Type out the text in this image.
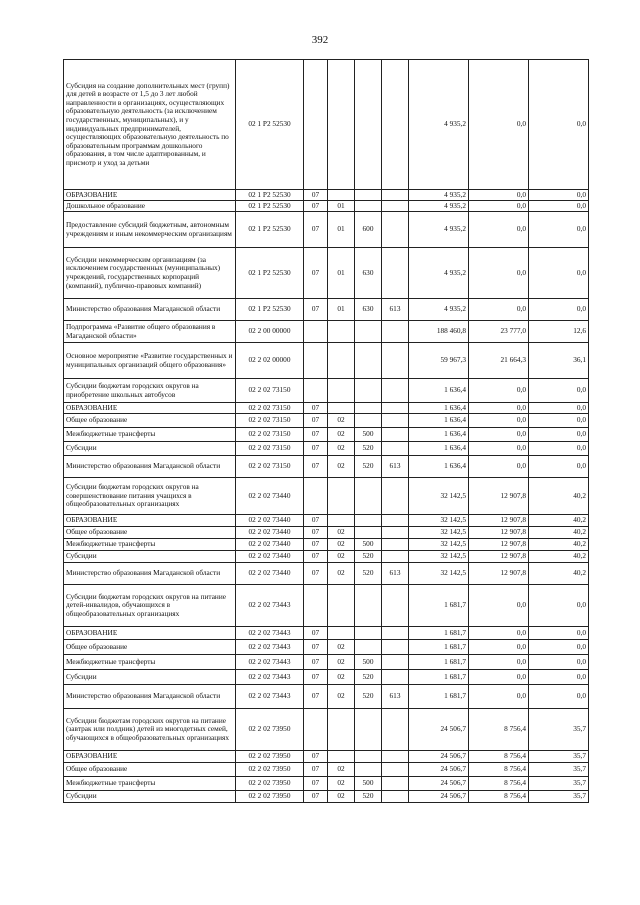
392
Субсидия на создание дополнительных мест (групп) для детей в возрасте от 1,5 до 3 лет любой направленности в организациях, осуществляющих образовательную деятельность (за исключением государственных, муниципальных), и у индивидуальных предпринимателей, осуществляющих образовательную деятельность по образовательным программам дошкольного образования, в том числе адаптированным, и присмотр и уход за детьми	02 1 P2 52530					4 935,2	0,0	0,0
ОБРАЗОВАНИЕ	02 1 P2 52530	07				4 935,2	0,0	0,0
Дошкольное образование	02 1 P2 52530	07	01			4 935,2	0,0	0,0
Предоставление субсидий бюджетным, автономным учреждениям и иным некоммерческим организациям	02 1 P2 52530	07	01	600		4 935,2	0,0	0,0
Субсидии некоммерческим организациям (за исключением государственных (муниципальных) учреждений, государственных корпораций (компаний), публично-правовых компаний)	02 1 P2 52530	07	01	630		4 935,2	0,0	0,0
Министерство образования Магаданской области	02 1 P2 52530	07	01	630	613	4 935,2	0,0	0,0
Подпрограмма «Развитие общего образования в Магаданской области»	02 2 00 00000					188 460,8	23 777,0	12,6
Основное мероприятие «Развитие государственных и муниципальных организаций общего образования»	02 2 02 00000					59 967,3	21 664,3	36,1
Субсидии бюджетам городских округов на приобретение школьных автобусов	02 2 02 73150					1 636,4	0,0	0,0
ОБРАЗОВАНИЕ	02 2 02 73150	07				1 636,4	0,0	0,0
Общее образование	02 2 02 73150	07	02			1 636,4	0,0	0,0
Межбюджетные трансферты	02 2 02 73150	07	02	500		1 636,4	0,0	0,0
Субсидии	02 2 02 73150	07	02	520		1 636,4	0,0	0,0
Министерство образования Магаданской области	02 2 02 73150	07	02	520	613	1 636,4	0,0	0,0
Субсидии бюджетам городских округов на совершенствование питания учащихся в общеобразовательных организациях	02 2 02 73440					32 142,5	12 907,8	40,2
ОБРАЗОВАНИЕ	02 2 02 73440	07				32 142,5	12 907,8	40,2
Общее образование	02 2 02 73440	07	02			32 142,5	12 907,8	40,2
Межбюджетные трансферты	02 2 02 73440	07	02	500		32 142,5	12 907,8	40,2
Субсидии	02 2 02 73440	07	02	520		32 142,5	12 907,8	40,2
Министерство образования Магаданской области	02 2 02 73440	07	02	520	613	32 142,5	12 907,8	40,2
Субсидии бюджетам городских округов на питание детей-инвалидов, обучающихся в общеобразовательных организациях	02 2 02 73443					1 681,7	0,0	0,0
ОБРАЗОВАНИЕ	02 2 02 73443	07				1 681,7	0,0	0,0
Общее образование	02 2 02 73443	07	02			1 681,7	0,0	0,0
Межбюджетные трансферты	02 2 02 73443	07	02	500		1 681,7	0,0	0,0
Субсидии	02 2 02 73443	07	02	520		1 681,7	0,0	0,0
Министерство образования Магаданской области	02 2 02 73443	07	02	520	613	1 681,7	0,0	0,0
Субсидии бюджетам городских округов на питание (завтрак или полдник) детей из многодетных семей, обучающихся в общеобразовательных организациях	02 2 02 73950					24 506,7	8 756,4	35,7
ОБРАЗОВАНИЕ	02 2 02 73950	07				24 506,7	8 756,4	35,7
Общее образование	02 2 02 73950	07	02			24 506,7	8 756,4	35,7
Межбюджетные трансферты	02 2 02 73950	07	02	500		24 506,7	8 756,4	35,7
Субсидии	02 2 02 73950	07	02	520		24 506,7	8 756,4	35,7
